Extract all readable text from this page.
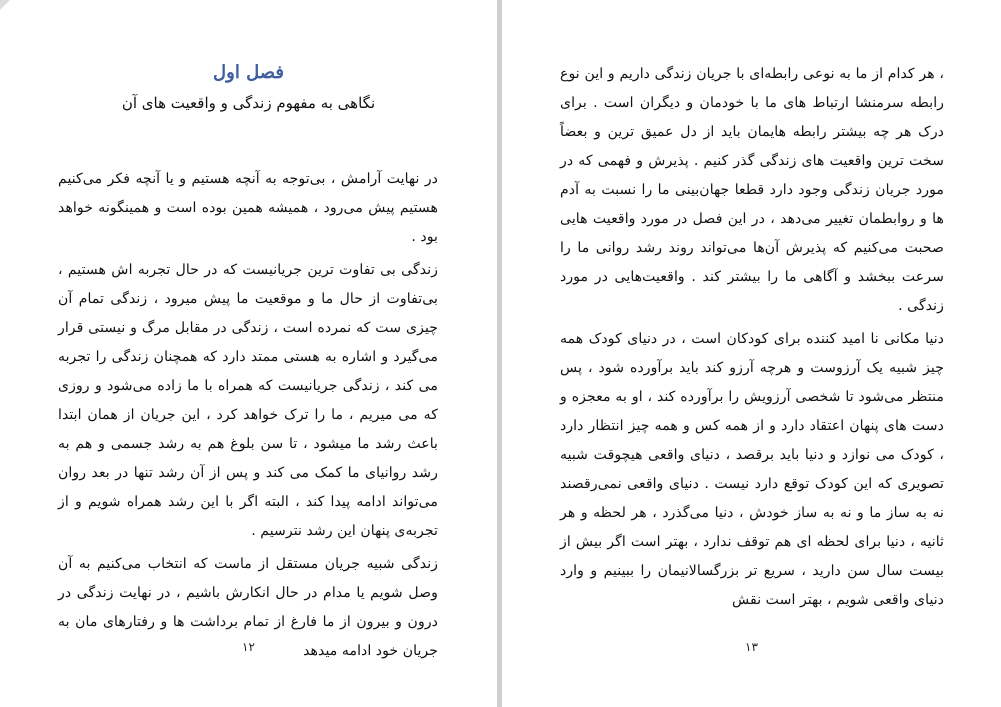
فصل اول
نگاهی به مفهوم زندگی و واقعیت های آن

در نهایت آرامش ، بی‌توجه به آنچه هستیم و یا آنچه فکر می‌کنیم هستیم پیش می‌رود ، همیشه همین بوده است و همینگونه خواهد بود .

زندگی بی تفاوت ترین جریانیست که در حال تجربه اش هستیم ، بی‌تفاوت از حال ما و موقعیت ما پیش میرود ، زندگی تمام آن چیزی ست که نمرده است ، زندگی در مقابل مرگ و نیستی قرار می‌گیرد و اشاره به هستی ممتد دارد که همچنان زندگی را تجربه می کند ، زندگی جریانیست که همراه با ما زاده می‌شود و روزی که می میریم ، ما را ترک خواهد کرد ، این جریان از همان ابتدا باعث رشد ما میشود ، تا سن بلوغ هم به رشد جسمی و هم به رشد روانیای ما کمک می کند و پس از آن رشد تنها در بعد روان می‌تواند ادامه پیدا کند ، البته اگر با این رشد همراه شویم و از تجربه‌ی پنهان این رشد نترسیم .

زندگی شبیه جریان مستقل از ماست که انتخاب می‌کنیم به آن وصل شویم یا مدام در حال انکارش باشیم ، در نهایت زندگی در درون و بیرون از ما فارغ از تمام برداشت ها و رفتارهای مان به جریان خود ادامه میدهد

۱۲

، هر کدام از ما به نوعی رابطه‌ای با جریان زندگی داریم و این نوع رابطه سرمنشا ارتباط های ما با خودمان و دیگران است . برای درک هر چه بیشتر رابطه هایمان باید از دل عمیق ترین و بعضاً سخت ترین واقعیت های زندگی گذر کنیم . پذیرش و فهمی که در مورد جریان زندگی وجود دارد قطعا جهان‌بینی ما را نسبت به آدم ها و روابطمان تغییر می‌دهد ، در این فصل در مورد واقعیت هایی صحبت می‌کنیم که پذیرش آن‌ها می‌تواند روند رشد روانی ما را سرعت ببخشد و آگاهی ما را بیشتر کند . واقعیت‌هایی در مورد زندگی .

دنیا مکانی نا امید کننده برای کودکان است ، در دنیای کودک همه چیز شبیه یک آرزوست و هرچه آرزو کند باید برآورده شود ، پس منتظر می‌شود تا شخصی آرزویش را برآورده کند ، او به معجزه و دست های پنهان اعتقاد دارد و از همه کس و همه چیز انتظار دارد ، کودک می نوازد و دنیا باید برقصد ، دنیای واقعی هیچوقت شبیه تصویری که این کودک توقع دارد نیست . دنیای واقعی نمی‌رقصند نه به ساز ما و نه به ساز خودش ، دنیا می‌گذرد ، هر لحظه و هر ثانیه ، دنیا برای لحظه ای هم توقف ندارد ، بهتر است اگر بیش از بیست سال سن دارید ، سریع تر بزرگسالانیمان را ببینیم و وارد دنیای واقعی شویم ، بهتر است نقش

۱۳
